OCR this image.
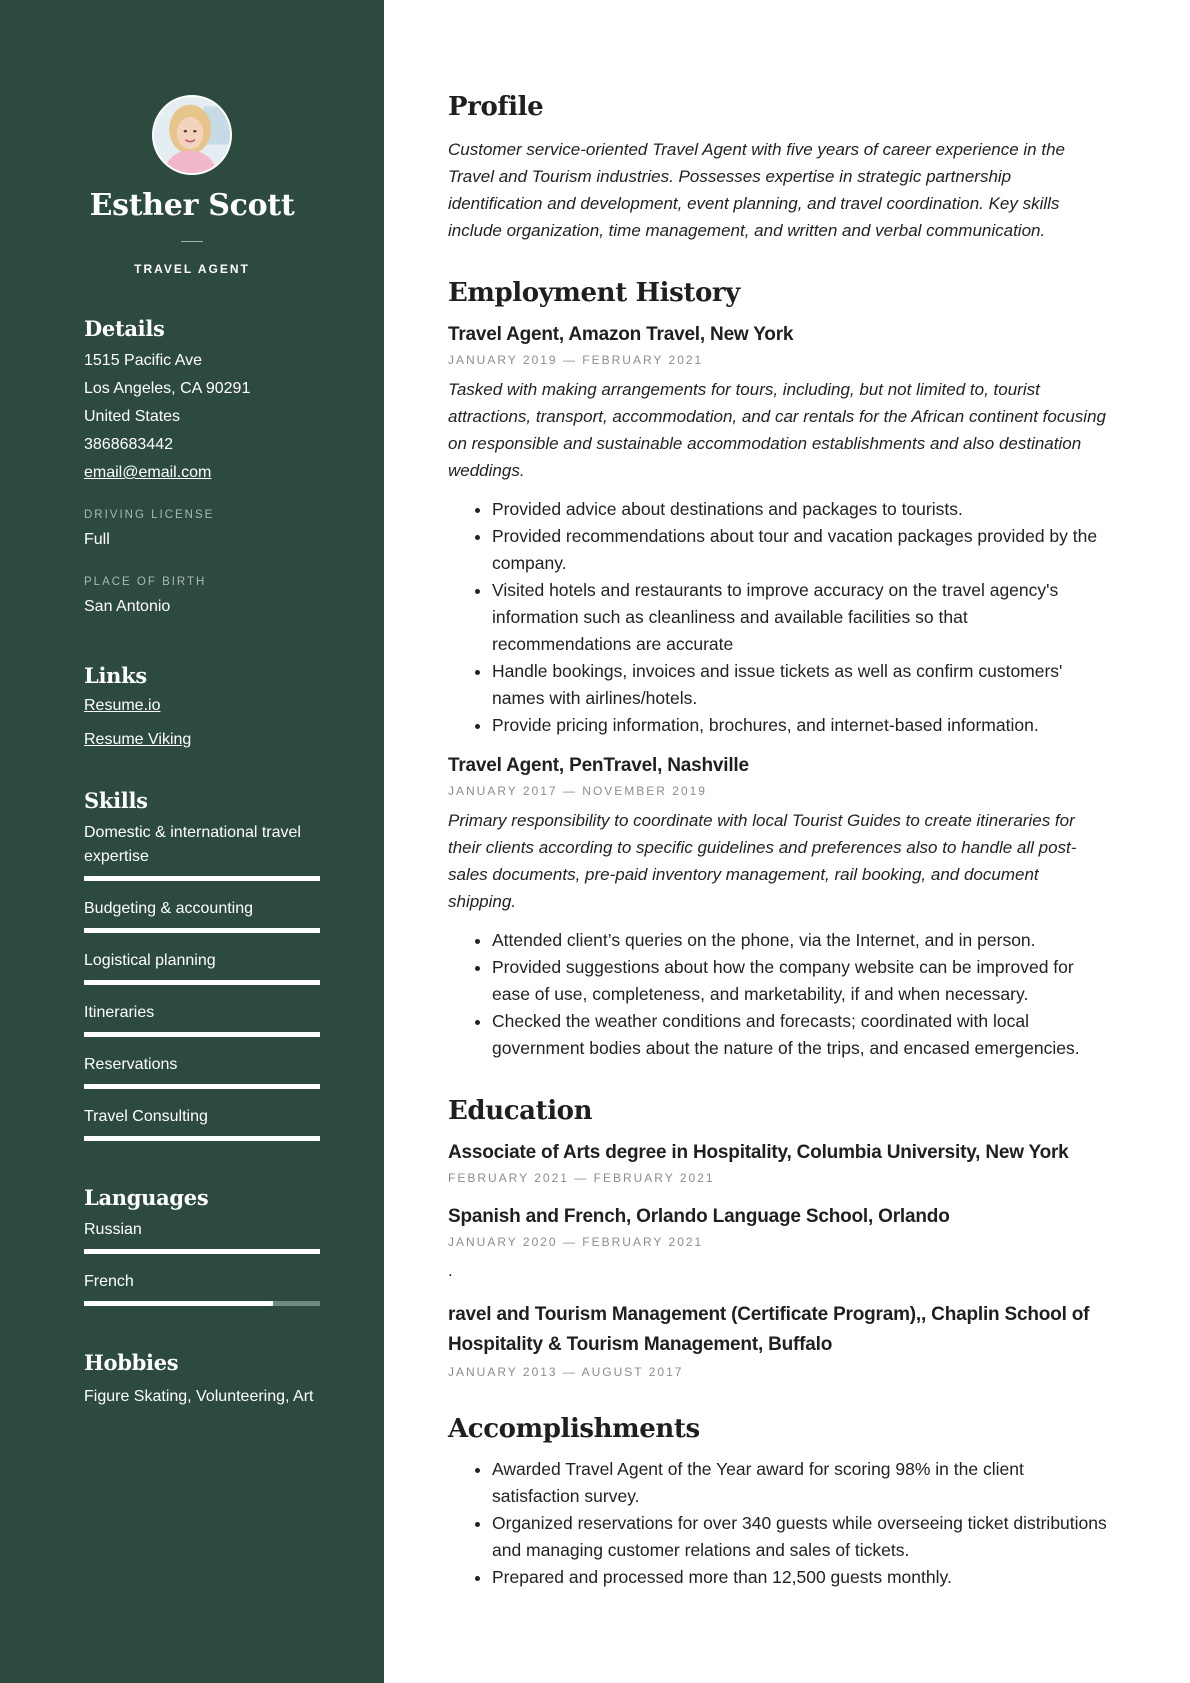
Esther Scott
TRAVEL AGENT
Details
1515 Pacific Ave
Los Angeles, CA 90291
United States
3868683442
email@email.com
DRIVING LICENSE
Full
PLACE OF BIRTH
San Antonio
Links
Resume.io
Resume Viking
Skills
Domestic & international travel expertise
Budgeting & accounting
Logistical planning
Itineraries
Reservations
Travel Consulting
Languages
Russian
French
Hobbies
Figure Skating, Volunteering, Art
Profile

Customer service-oriented Travel Agent with five years of career experience in the Travel and Tourism industries. Possesses expertise in strategic partnership identification and development, event planning, and travel coordination. Key skills include organization, time management, and written and verbal communication.

Employment History
Travel Agent, Amazon Travel, New York
JANUARY 2019 — FEBRUARY 2021

Tasked with making arrangements for tours, including, but not limited to, tourist attractions, transport, accommodation, and car rentals for the African continent focusing on responsible and sustainable accommodation establishments and also destination weddings.

• Provided advice about destinations and packages to tourists.
• Provided recommendations about tour and vacation packages provided by the company.
• Visited hotels and restaurants to improve accuracy on the travel agency's information such as cleanliness and available facilities so that recommendations are accurate
• Handle bookings, invoices and issue tickets as well as confirm customers' names with airlines/hotels.
• Provide pricing information, brochures, and internet-based information.
Travel Agent, PenTravel, Nashville
JANUARY 2017 — NOVEMBER 2019

Primary responsibility to coordinate with local Tourist Guides to create itineraries for their clients according to specific guidelines and preferences also to handle all post-sales documents, pre-paid inventory management, rail booking, and document shipping.

• Attended client’s queries on the phone, via the Internet, and in person.
• Provided suggestions about how the company website can be improved for ease of use, completeness, and marketability, if and when necessary.
• Checked the weather conditions and forecasts; coordinated with local government bodies about the nature of the trips, and encased emergencies.
Education
Associate of Arts degree in Hospitality, Columbia University, New York
FEBRUARY 2021 — FEBRUARY 2021
Spanish and French, Orlando Language School, Orlando
JANUARY 2020 — FEBRUARY 2021
.
ravel and Tourism Management (Certificate Program),, Chaplin School of Hospitality & Tourism Management, Buffalo
JANUARY 2013 — AUGUST 2017
Accomplishments
• Awarded Travel Agent of the Year award for scoring 98% in the client satisfaction survey.
• Organized reservations for over 340 guests while overseeing ticket distributions and managing customer relations and sales of tickets.
• Prepared and processed more than 12,500 guests monthly.
